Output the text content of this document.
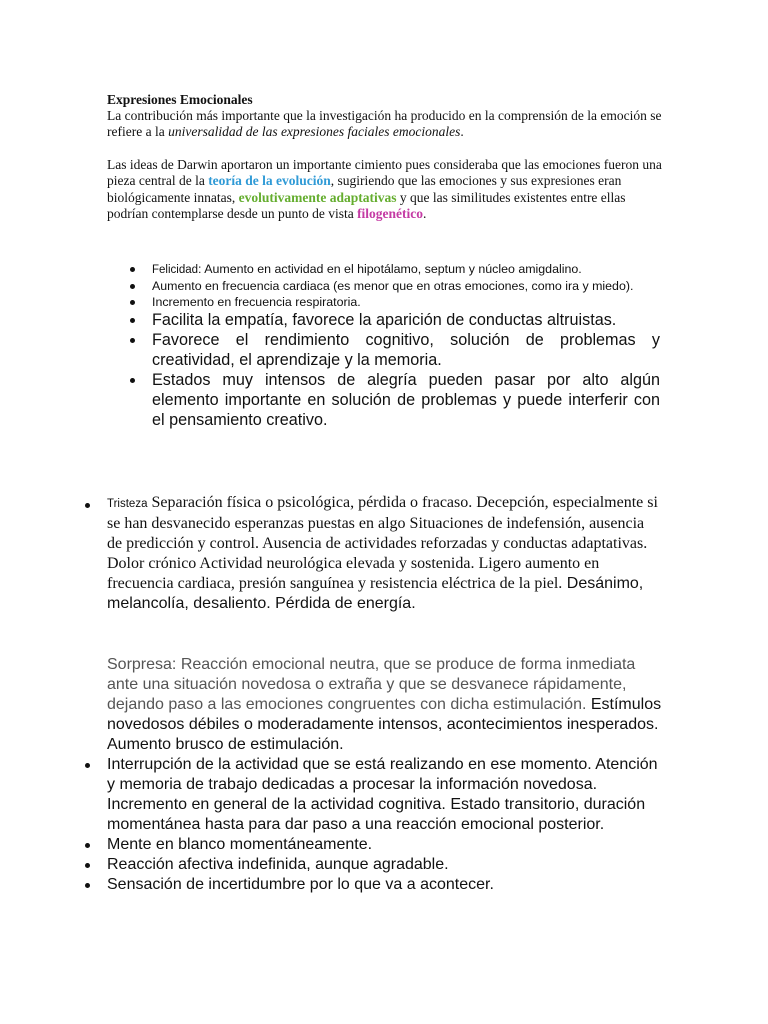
Expresiones Emocionales

La contribución más importante que la investigación ha producido en la comprensión de la emoción se refiere a la universalidad de las expresiones faciales emocionales.

Las ideas de Darwin aportaron un importante cimiento pues consideraba que las emociones fueron una pieza central de la teoría de la evolución, sugiriendo que las emociones y sus expresiones eran biológicamente innatas, evolutivamente adaptativas y que las similitudes existentes entre ellas podrían contemplarse desde un punto de vista filogenético.

Felicidad: Aumento en actividad en el hipotálamo, septum y núcleo amigdalino.
Aumento en frecuencia cardiaca (es menor que en otras emociones, como ira y miedo).
Incremento en frecuencia respiratoria.
Facilita la empatía, favorece la aparición de conductas altruistas.
Favorece el rendimiento cognitivo, solución de problemas y creatividad, el aprendizaje y la memoria.
Estados muy intensos de alegría pueden pasar por alto algún elemento importante en solución de problemas y puede interferir con el pensamiento creativo.
Tristeza Separación física o psicológica, pérdida o fracaso. Decepción, especialmente si se han desvanecido esperanzas puestas en algo Situaciones de indefensión, ausencia de predicción y control. Ausencia de actividades reforzadas y conductas adaptativas. Dolor crónico Actividad neurológica elevada y sostenida. Ligero aumento en frecuencia cardiaca, presión sanguínea y resistencia eléctrica de la piel. Desánimo, melancolía, desaliento. Pérdida de energía.
Sorpresa: Reacción emocional neutra, que se produce de forma inmediata ante una situación novedosa o extraña y que se desvanece rápidamente, dejando paso a las emociones congruentes con dicha estimulación. Estímulos novedosos débiles o moderadamente intensos, acontecimientos inesperados. Aumento brusco de estimulación.
Interrupción de la actividad que se está realizando en ese momento. Atención y memoria de trabajo dedicadas a procesar la información novedosa. Incremento en general de la actividad cognitiva. Estado transitorio, duración momentánea hasta para dar paso a una reacción emocional posterior.
Mente en blanco momentáneamente.
Reacción afectiva indefinida, aunque agradable.
Sensación de incertidumbre por lo que va a acontecer.
